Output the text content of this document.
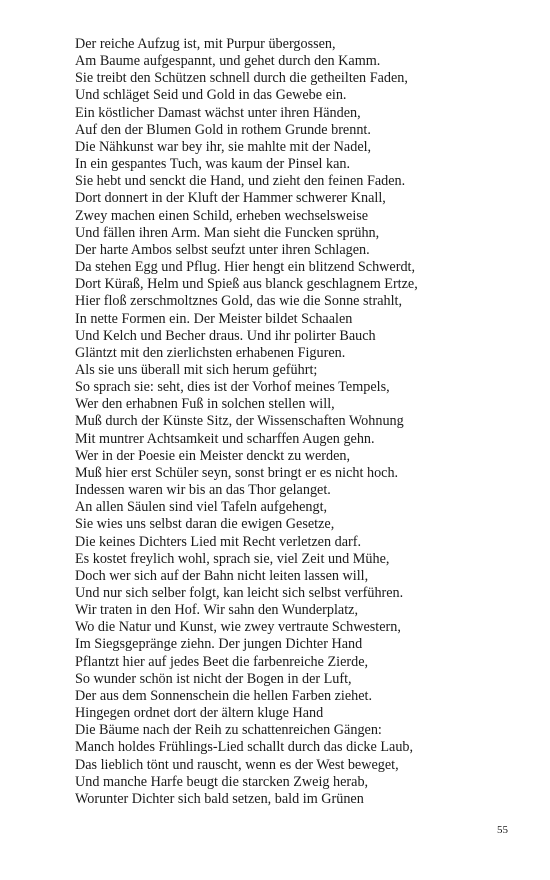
Der reiche Aufzug ist, mit Purpur übergossen,
Am Baume aufgespannt, und gehet durch den Kamm.
Sie treibt den Schützen schnell durch die getheilten Faden,
Und schläget Seid und Gold in das Gewebe ein.
Ein köstlicher Damast wächst unter ihren Händen,
Auf den der Blumen Gold in rothem Grunde brennt.
Die Nähkunst war bey ihr, sie mahlte mit der Nadel,
In ein gespantes Tuch, was kaum der Pinsel kan.
Sie hebt und senckt die Hand, und zieht den feinen Faden.
Dort donnert in der Kluft der Hammer schwerer Knall,
Zwey machen einen Schild, erheben wechselsweise
Und fällen ihren Arm. Man sieht die Funcken sprühn,
Der harte Ambos selbst seufzt unter ihren Schlagen.
Da stehen Egg und Pflug. Hier hengt ein blitzend Schwerdt,
Dort Küraß, Helm und Spieß aus blanck geschlagnem Ertze,
Hier floß zerschmoltznes Gold, das wie die Sonne strahlt,
In nette Formen ein. Der Meister bildet Schaalen
Und Kelch und Becher draus. Und ihr polirter Bauch
Gläntzt mit den zierlichsten erhabenen Figuren.
Als sie uns überall mit sich herum geführt;
So sprach sie: seht, dies ist der Vorhof meines Tempels,
Wer den erhabnen Fuß in solchen stellen will,
Muß durch der Künste Sitz, der Wissenschaften Wohnung
Mit muntrer Achtsamkeit und scharffen Augen gehn.
Wer in der Poesie ein Meister denckt zu werden,
Muß hier erst Schüler seyn, sonst bringt er es nicht hoch.
Indessen waren wir bis an das Thor gelanget.
An allen Säulen sind viel Tafeln aufgehengt,
Sie wies uns selbst daran die ewigen Gesetze,
Die keines Dichters Lied mit Recht verletzen darf.
Es kostet freylich wohl, sprach sie, viel Zeit und Mühe,
Doch wer sich auf der Bahn nicht leiten lassen will,
Und nur sich selber folgt, kan leicht sich selbst verführen.
Wir traten in den Hof. Wir sahn den Wunderplatz,
Wo die Natur und Kunst, wie zwey vertraute Schwestern,
Im Siegsgepränge ziehn. Der jungen Dichter Hand
Pflantzt hier auf jedes Beet die farbenreiche Zierde,
So wunder schön ist nicht der Bogen in der Luft,
Der aus dem Sonnenschein die hellen Farben ziehet.
Hingegen ordnet dort der ältern kluge Hand
Die Bäume nach der Reih zu schattenreichen Gängen:
Manch holdes Frühlings-Lied schallt durch das dicke Laub,
Das lieblich tönt und rauscht, wenn es der West beweget,
Und manche Harfe beugt die starcken Zweig herab,
Worunter Dichter sich bald setzen, bald im Grünen
55
